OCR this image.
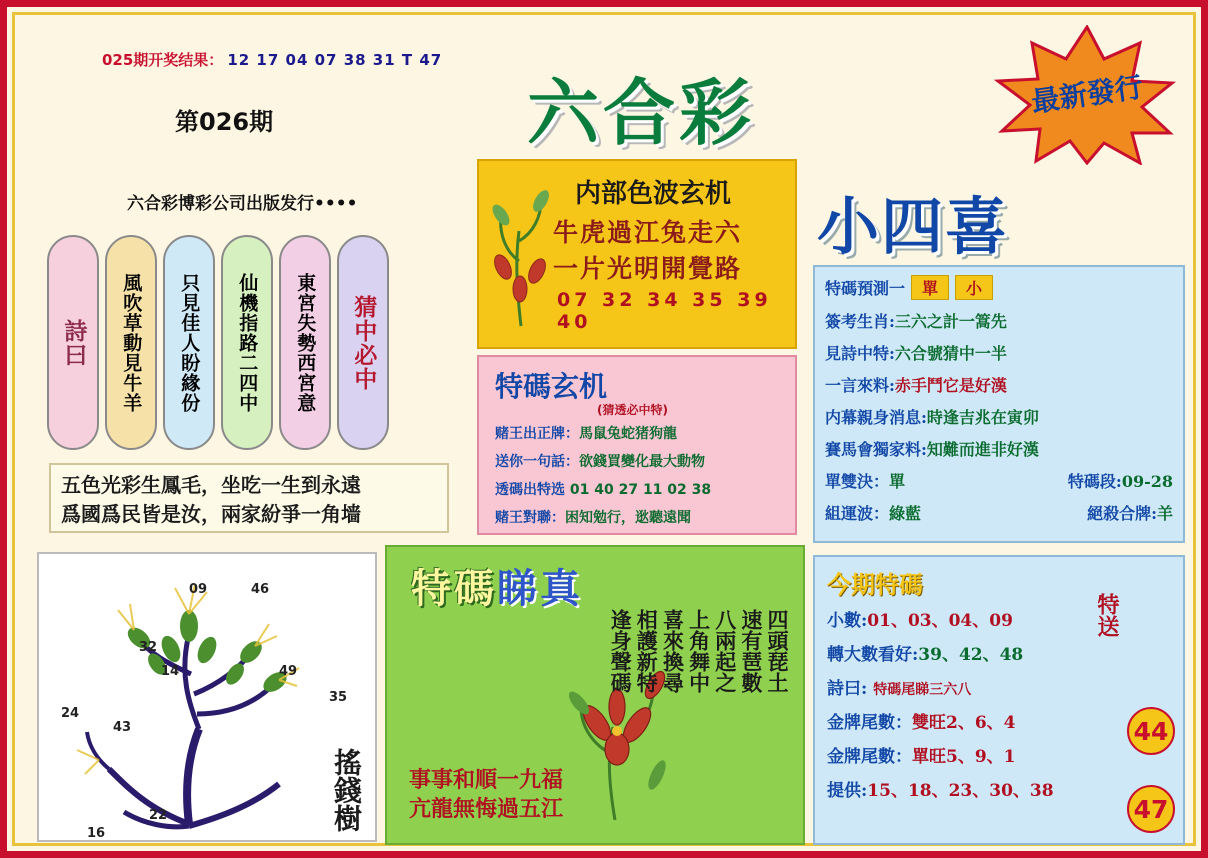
025期开奖结果： 12 17 04 07 38 31 T 47
第026期	六合彩
小四喜
最新發行
六合彩博彩公司出版发行••••
詩曰 風吹草動見牛羊 只見佳人盼緣份 仙機指路二四中 東宮失勢西宮意 猜中必中
五色光彩生鳳毛，坐吃一生到永遠
爲國爲民皆是汝，兩家紛爭一角墙
09	46
32
14	49
35
24
43
22
16
搖錢樹
内部色波玄机
牛虎過江兔走六
一片光明開覺路
07 32 34 35 39 40
特碼玄机
(猜透必中特)
赌王出正牌：馬鼠兔蛇猪狗龍
送你一句話：欲錢買變化最大動物
透碼出特选 01 40 27 11 02 38
赌王對聯：困知勉行，逖聽遠聞
特碼睇真
四頭琵土
速有琶數
八兩起之
上角舞中
喜來換尋
相護新特
逢身聲碼
事事和順一九福
亢龍無悔過五江
特碼預測一 單 小
簽考生肖:三六之計一篙先
見詩中特:六合號猜中一半
一言來料:赤手鬥它是好漢
内幕親身消息:時逢吉兆在寅卯
賽馬會獨家料:知難而進非好漢
單雙決：單	特碼段:09-28
組運波：綠藍	絕殺合牌:羊
今期特碼
小數:01、03、04、09
轉大數看好:39、42、48
詩曰: 特碼尾睇三六八
金牌尾數：雙旺2、6、4
金牌尾數：單旺5、9、1
提供:15、18、23、30、38
特送
44
47
